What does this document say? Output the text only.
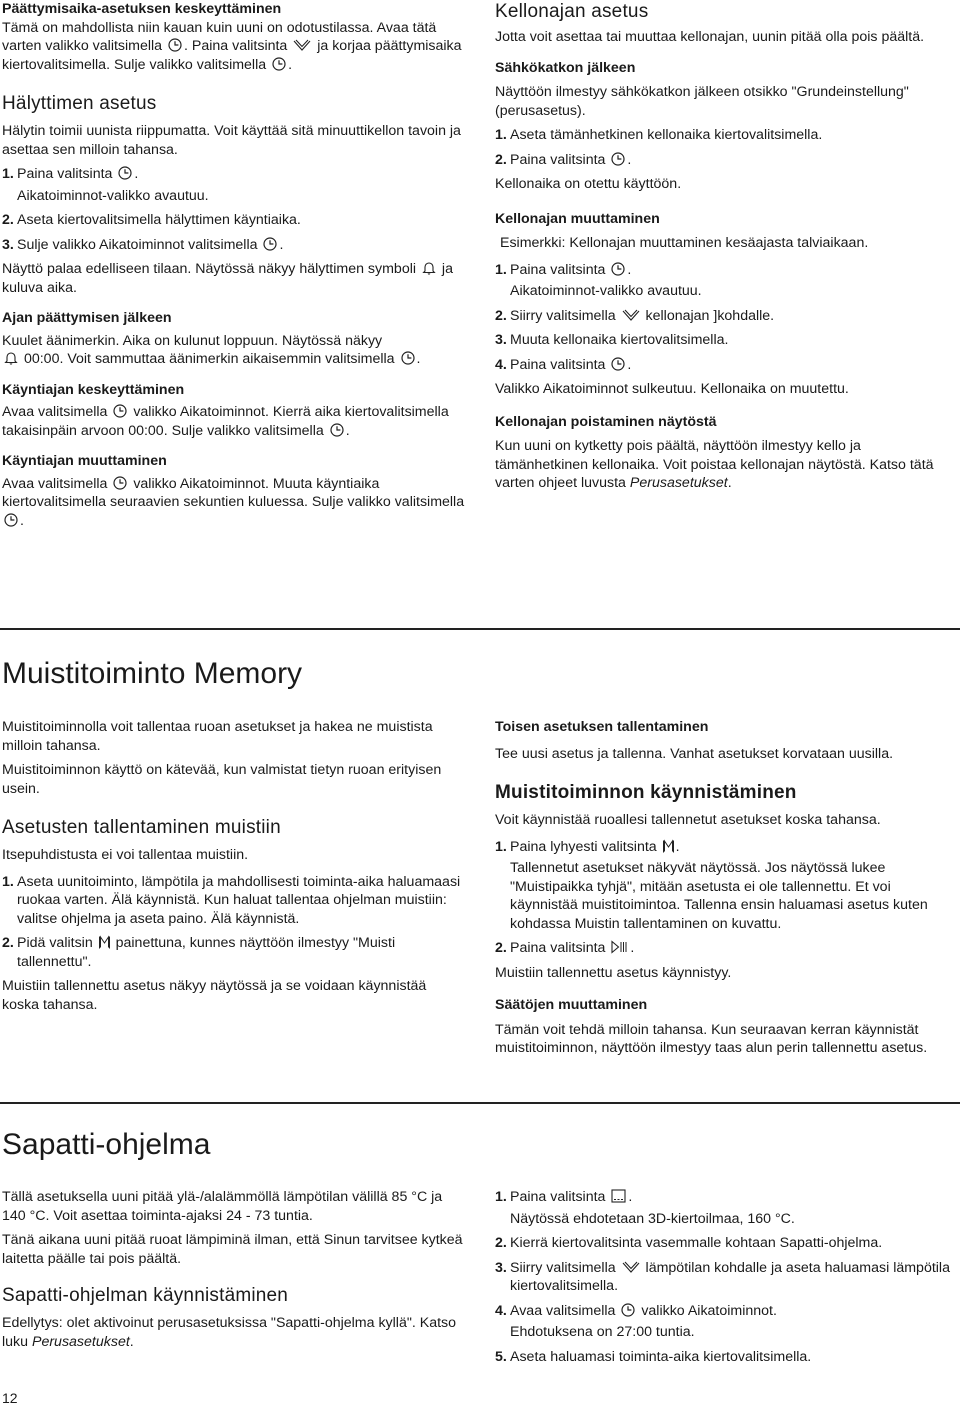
Päättymisaika-asetuksen keskeyttäminen

Tämä on mahdollista niin kauan kuin uuni on odotustilassa. Avaa tätä varten valikko valitsimella . Paina valitsinta ja korjaa päättymisaika kiertovalitsimella. Sulje valikko valitsimella .

Hälyttimen asetus

Hälytin toimii uunista riippumatta. Voit käyttää sitä minuuttikellon tavoin ja asettaa sen milloin tahansa.

1. Paina valitsinta .
Aikatoiminnot-valikko avautuu.
2. Aseta kiertovalitsimella hälyttimen käyntiaika.
3. Sulje valikko Aikatoiminnot valitsimella .

Näyttö palaa edelliseen tilaan. Näytössä näkyy hälyttimen symboli ja kuluva aika.

Ajan päättymisen jälkeen

Kuulet äänimerkin. Aika on kulunut loppuun. Näytössä näkyy
00:00. Voit sammuttaa äänimerkin aikaisemmin valitsimella .

Käyntiajan keskeyttäminen

Avaa valitsimella valikko Aikatoiminnot. Kierrä aika kiertovalitsimella takaisinpäin arvoon 00:00. Sulje valikko valitsimella .

Käyntiajan muuttaminen

Avaa valitsimella valikko Aikatoiminnot. Muuta käyntiaika kiertovalitsimella seuraavien sekuntien kuluessa. Sulje valikko valitsimella .

Kellonajan asetus

Jotta voit asettaa tai muuttaa kellonajan, uunin pitää olla pois päältä.

Sähkökatkon jälkeen

Näyttöön ilmestyy sähkökatkon jälkeen otsikko "Grundeinstellung" (perusasetus).

1. Aseta tämänhetkinen kellonaika kiertovalitsimella.
2. Paina valitsinta .

Kellonaika on otettu käyttöön.

Kellonajan muuttaminen

Esimerkki: Kellonajan muuttaminen kesäajasta talviaikaan.

1. Paina valitsinta .
Aikatoiminnot-valikko avautuu.
2. Siirry valitsimella kellonajan ]kohdalle.
3. Muuta kellonaika kiertovalitsimella.
4. Paina valitsinta .

Valikko Aikatoiminnot sulkeutuu. Kellonaika on muutettu.

Kellonajan poistaminen näytöstä

Kun uuni on kytketty pois päältä, näyttöön ilmestyy kello ja tämänhetkinen kellonaika. Voit poistaa kellonajan näytöstä. Katso tätä varten ohjeet luvusta Perusasetukset.

Muistitoiminto Memory

Muistitoiminnolla voit tallentaa ruoan asetukset ja hakea ne muistista milloin tahansa.

Muistitoiminnon käyttö on kätevää, kun valmistat tietyn ruoan erityisen usein.

Asetusten tallentaminen muistiin

Itsepuhdistusta ei voi tallentaa muistiin.

1. Aseta uunitoiminto, lämpötila ja mahdollisesti toiminta-aika haluamaasi ruokaa varten. Älä käynnistä. Kun haluat tallentaa ohjelman muistiin: valitse ohjelma ja aseta paino. Älä käynnistä.
2. Pidä valitsin painettuna, kunnes näyttöön ilmestyy "Muisti tallennettu".

Muistiin tallennettu asetus näkyy näytössä ja se voidaan käynnistää koska tahansa.

Toisen asetuksen tallentaminen

Tee uusi asetus ja tallenna. Vanhat asetukset korvataan uusilla.

Muistitoiminnon käynnistäminen

Voit käynnistää ruoallesi tallennetut asetukset koska tahansa.

1. Paina lyhyesti valitsinta .
Tallennetut asetukset näkyvät näytössä. Jos näytössä lukee "Muistipaikka tyhjä", mitään asetusta ei ole tallennettu. Et voi käynnistää muistitoimintoa. Tallenna ensin haluamasi asetus kuten kohdassa Muistin tallentaminen on kuvattu.
2. Paina valitsinta .

Muistiin tallennettu asetus käynnistyy.

Säätöjen muuttaminen

Tämän voit tehdä milloin tahansa. Kun seuraavan kerran käynnistät muistitoiminnon, näyttöön ilmestyy taas alun perin tallennettu asetus.

Sapatti-ohjelma

Tällä asetuksella uuni pitää ylä-/alalämmöllä lämpötilan välillä 85 °C ja 140 °C. Voit asettaa toiminta-ajaksi 24 - 73 tuntia.

Tänä aikana uuni pitää ruoat lämpiminä ilman, että Sinun tarvitsee kytkeä laitetta päälle tai pois päältä.

Sapatti-ohjelman käynnistäminen

Edellytys: olet aktivoinut perusasetuksissa "Sapatti-ohjelma kyllä". Katso luku Perusasetukset.

1. Paina valitsinta .
Näytössä ehdotetaan 3D-kiertoilmaa, 160 °C.
2. Kierrä kiertovalitsinta vasemmalle kohtaan Sapatti-ohjelma.
3. Siirry valitsimella lämpötilan kohdalle ja aseta haluamasi lämpötila kiertovalitsimella.
4. Avaa valitsimella valikko Aikatoiminnot.
Ehdotuksena on 27:00 tuntia.
5. Aseta haluamasi toiminta-aika kiertovalitsimella.
12
